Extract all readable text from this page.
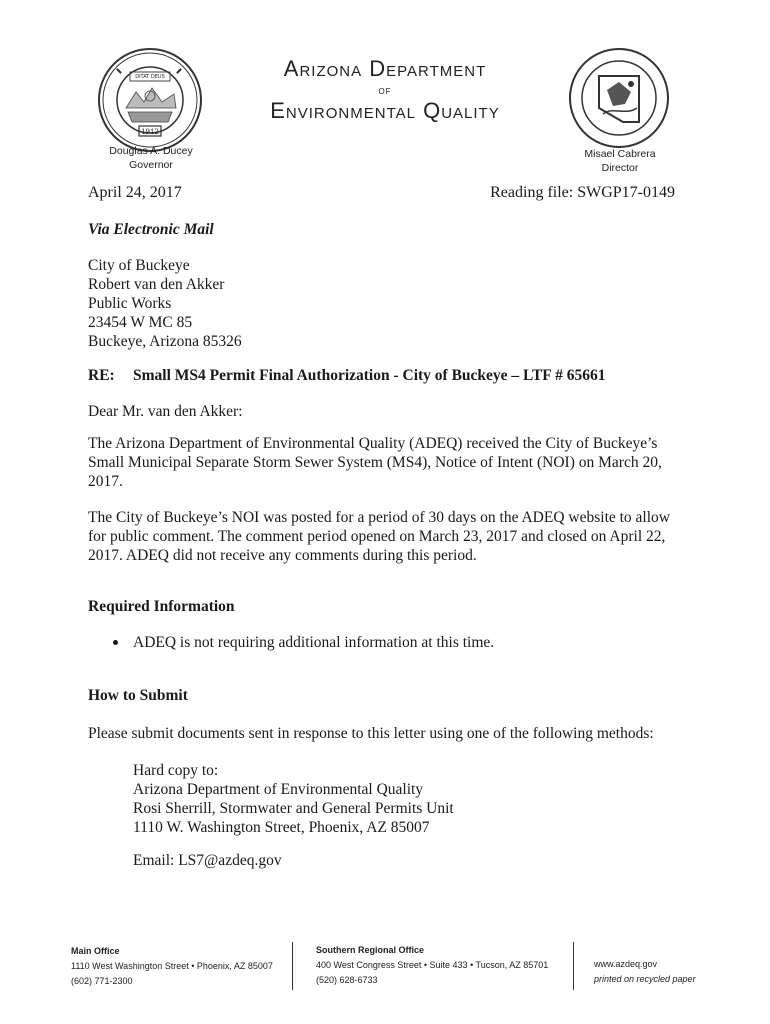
1912
DITAT DEUS	Arizona Department
of
Environmental Quality
Douglas A. Ducey
Governor
Misael Cabrera
Director
April 24, 2017	Reading file: SWGP17-0149
Via Electronic Mail
City of Buckeye
Robert van den Akker
Public Works
23454 W MC 85
Buckeye, Arizona 85326
RE: Small MS4 Permit Final Authorization - City of Buckeye – LTF # 65661
Dear Mr. van den Akker:
The Arizona Department of Environmental Quality (ADEQ) received the City of Buckeye’s
Small Municipal Separate Storm Sewer System (MS4), Notice of Intent (NOI) on March 20,
2017.
The City of Buckeye’s NOI was posted for a period of 30 days on the ADEQ website to allow
for public comment. The comment period opened on March 23, 2017 and closed on April 22,
2017. ADEQ did not receive any comments during this period.
Required Information
ADEQ is not requiring additional information at this time.
How to Submit
Please submit documents sent in response to this letter using one of the following methods:
Hard copy to:
Arizona Department of Environmental Quality
Rosi Sherrill, Stormwater and General Permits Unit
1110 W. Washington Street, Phoenix, AZ 85007
Email: LS7@azdeq.gov
Main Office
1110 West Washington Street • Phoenix, AZ 85007
(602) 771-2300
Southern Regional Office
400 West Congress Street • Suite 433 • Tucson, AZ 85701
(520) 628-6733
www.azdeq.gov
printed on recycled paper
